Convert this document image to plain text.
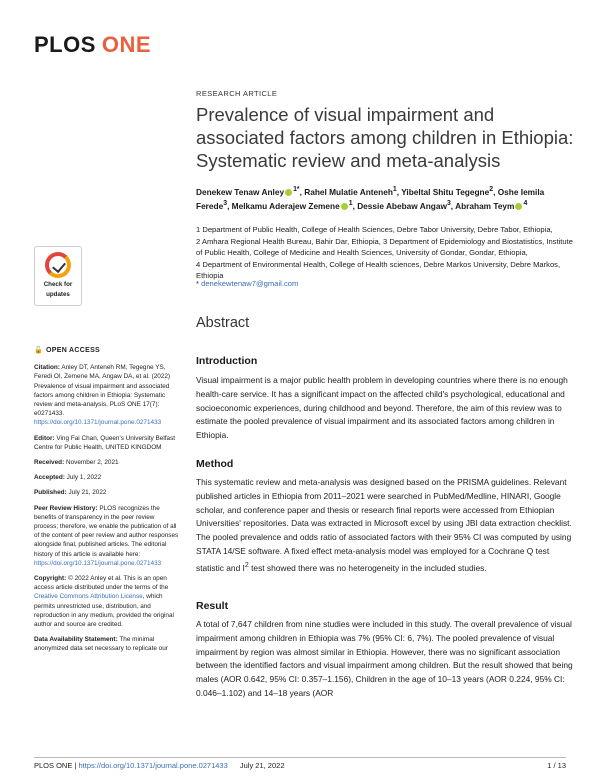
PLOS ONE
Check for
updates
RESEARCH ARTICLE
Prevalence of visual impairment and associated factors among children in Ethiopia: Systematic review and meta-analysis
Denekew Tenaw Anley $^{1*}$, Rahel Mulatie Anteneh$^1$, Yibeltal Shitu Tegegne$^2$, Oshe Iemila Ferede$^3$, Melkamu Aderajew Zemene $^1$, Dessie Abebaw Angaw$^3$, Abraham Teym $^4$
1 Department of Public Health, College of Health Sciences, Debre Tabor University, Debre Tabor, Ethiopia,
2 Amhara Regional Health Bureau, Bahir Dar, Ethiopia, 3 Department of Epidemiology and Biostatistics, Institute of Public Health, College of Medicine and Health Sciences, University of Gondar, Gondar, Ethiopia,
4 Department of Environmental Health, College of Health sciences, Debre Markos University, Debre Markos, Ethiopia
* denekewtenaw7@gmail.com
Abstract
Introduction

Visual impairment is a major public health problem in developing countries where there is no enough health-care service. It has a significant impact on the affected child's psychological, educational and socioeconomic experiences, during childhood and beyond. Therefore, the aim of this review was to estimate the pooled prevalence of visual impairment and its associated factors among children in Ethiopia.

Method

This systematic review and meta-analysis was designed based on the PRISMA guidelines. Relevant published articles in Ethiopia from 2011–2021 were searched in PubMed/Medline, HINARI, Google scholar, and conference paper and thesis or research final reports were accessed from Ethiopian Universities' repositories. Data was extracted in Microsoft excel by using JBI data extraction checklist. The pooled prevalence and odds ratio of associated factors with their 95% CI was computed by using STATA 14/SE software. A fixed effect meta-analysis model was employed for a Cochrane Q test statistic and $I^2$ test showed there was no heterogeneity in the included studies.

Result

A total of 7,647 children from nine studies were included in this study. The overall prevalence of visual impairment among children in Ethiopia was 7% (95% CI: 6, 7%). The pooled prevalence of visual impairment by region was almost similar in Ethiopia. However, there was no significant association between the identified factors and visual impairment among children. But the result showed that being males (AOR 0.642, 95% CI: 0.357–1.156), Children in the age of 10–13 years (AOR 0.224, 95% CI: 0.046–1.102) and 14–18 years (AOR

🔓 OPEN ACCESS

Citation: Anley DT, Anteneh RM, Tegegne YS, Feredi OI, Zemene MA, Angaw DA, et al. (2022) Prevalence of visual impairment and associated factors among children in Ethiopia: Systematic review and meta-analysis. PLoS ONE 17(7): e0271433. https://doi.org/10.1371/journal.pone.0271433

Editor: Ving Fai Chan, Queen's University Belfast Centre for Public Health, UNITED KINGDOM

Received: November 2, 2021

Accepted: July 1, 2022

Published: July 21, 2022

Peer Review History: PLOS recognizes the benefits of transparency in the peer review process; therefore, we enable the publication of all of the content of peer review and author responses alongside final, published articles. The editorial history of this article is available here: https://doi.org/10.1371/journal.pone.0271433

Copyright: © 2022 Anley et al. This is an open access article distributed under the terms of the Creative Commons Attribution License, which permits unrestricted use, distribution, and reproduction in any medium, provided the original author and source are credited.

Data Availability Statement: The minimal anonymized data set necessary to replicate our

PLOS ONE | https://doi.org/10.1371/journal.pone.0271433 July 21, 2022	1 / 13
